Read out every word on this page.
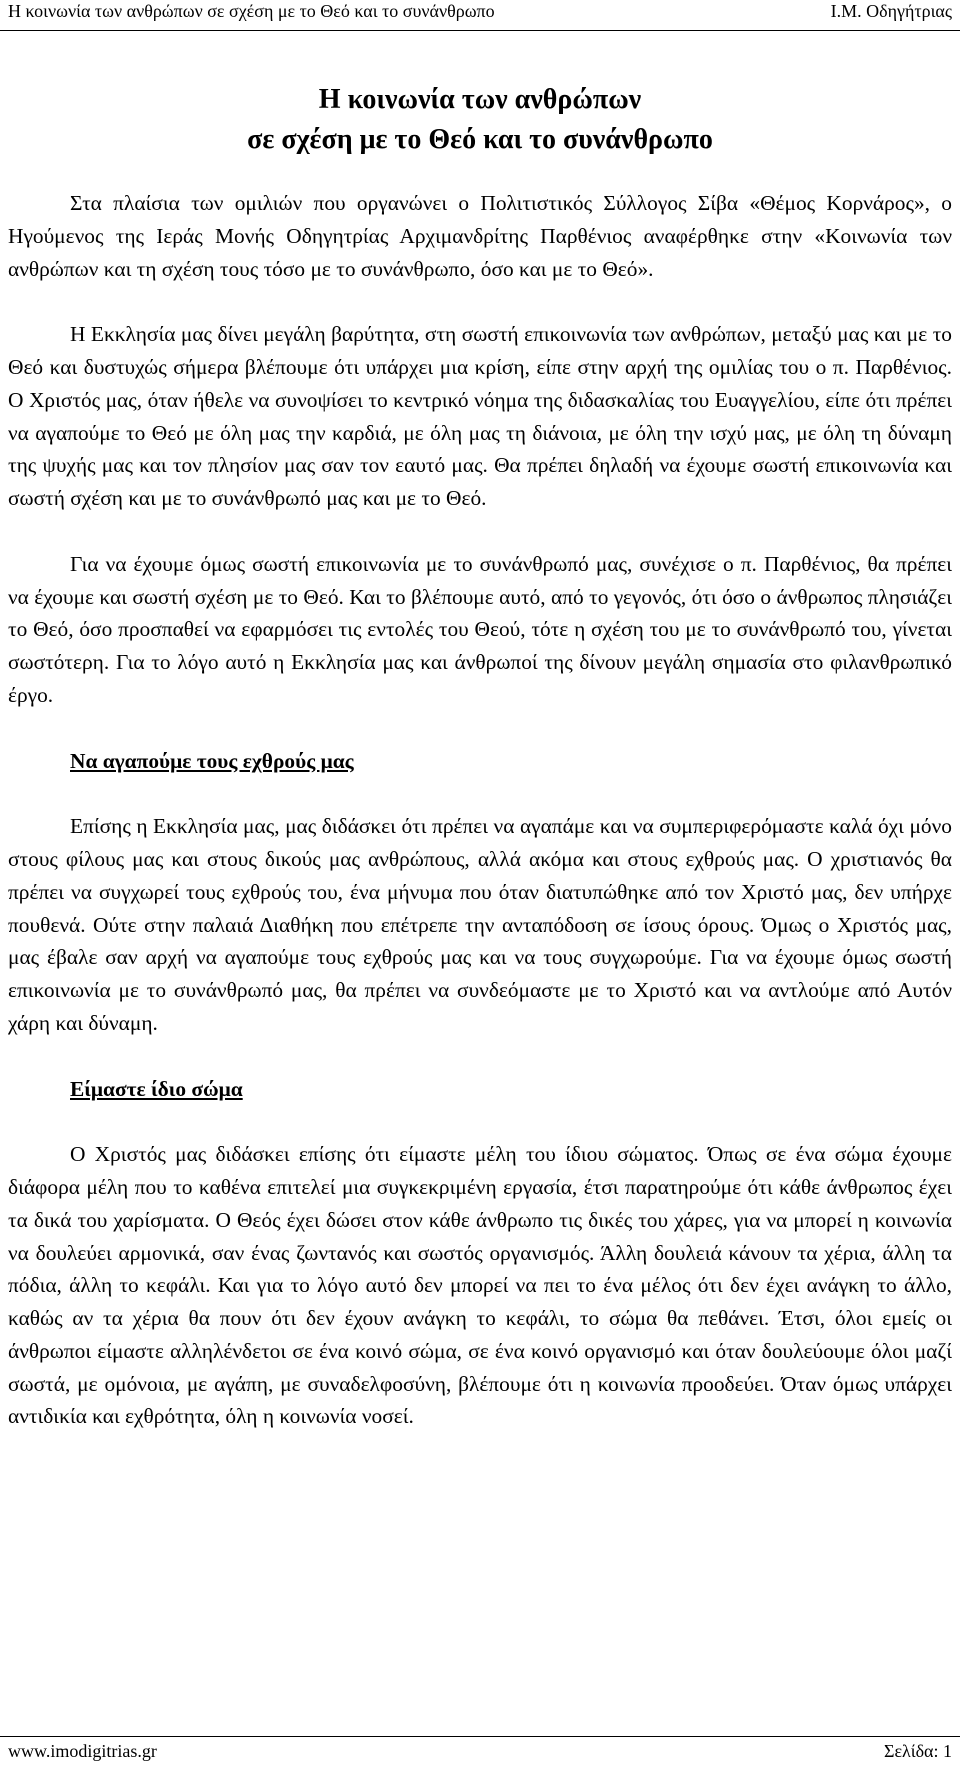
Η κοινωνία των ανθρώπων σε σχέση με το Θεό και το συνάνθρωπο	Ι.Μ. Οδηγήτριας
Η κοινωνία των ανθρώπων
σε σχέση με το Θεό και το συνάνθρωπο

Στα πλαίσια των ομιλιών που οργανώνει ο Πολιτιστικός Σύλλογος Σίβα «Θέμος Κορνάρος», ο Ηγούμενος της Ιεράς Μονής Οδηγητρίας Αρχιμανδρίτης Παρθένιος αναφέρθηκε στην «Κοινωνία των ανθρώπων και τη σχέση τους τόσο με το συνάνθρωπο, όσο και με το Θεό».

Η Εκκλησία μας δίνει μεγάλη βαρύτητα, στη σωστή επικοινωνία των ανθρώπων, μεταξύ μας και με το Θεό και δυστυχώς σήμερα βλέπουμε ότι υπάρχει μια κρίση, είπε στην αρχή της ομιλίας του ο π. Παρθένιος. Ο Χριστός μας, όταν ήθελε να συνοψίσει το κεντρικό νόημα της διδασκαλίας του Ευαγγελίου, είπε ότι πρέπει να αγαπούμε το Θεό με όλη μας την καρδιά, με όλη μας τη διάνοια, με όλη την ισχύ μας, με όλη τη δύναμη της ψυχής μας και τον πλησίον μας σαν τον εαυτό μας. Θα πρέπει δηλαδή να έχουμε σωστή επικοινωνία και σωστή σχέση και με το συνάνθρωπό μας και με το Θεό.

Για να έχουμε όμως σωστή επικοινωνία με το συνάνθρωπό μας, συνέχισε ο π. Παρθένιος, θα πρέπει να έχουμε και σωστή σχέση με το Θεό. Και το βλέπουμε αυτό, από το γεγονός, ότι όσο ο άνθρωπος πλησιάζει το Θεό, όσο προσπαθεί να εφαρμόσει τις εντολές του Θεού, τότε η σχέση του με το συνάνθρωπό του, γίνεται σωστότερη. Για το λόγο αυτό η Εκκλησία μας και άνθρωποί της δίνουν μεγάλη σημασία στο φιλανθρωπικό έργο.

Να αγαπούμε τους εχθρούς μας

Επίσης η Εκκλησία μας, μας διδάσκει ότι πρέπει να αγαπάμε και να συμπεριφερόμαστε καλά όχι μόνο στους φίλους μας και στους δικούς μας ανθρώπους, αλλά ακόμα και στους εχθρούς μας. Ο χριστιανός θα πρέπει να συγχωρεί τους εχθρούς του, ένα μήνυμα που όταν διατυπώθηκε από τον Χριστό μας, δεν υπήρχε πουθενά. Ούτε στην παλαιά Διαθήκη που επέτρεπε την ανταπόδοση σε ίσους όρους. Όμως ο Χριστός μας, μας έβαλε σαν αρχή να αγαπούμε τους εχθρούς μας και να τους συγχωρούμε. Για να έχουμε όμως σωστή επικοινωνία με το συνάνθρωπό μας, θα πρέπει να συνδεόμαστε με το Χριστό και να αντλούμε από Αυτόν χάρη και δύναμη.

Είμαστε ίδιο σώμα

Ο Χριστός μας διδάσκει επίσης ότι είμαστε μέλη του ίδιου σώματος. Όπως σε ένα σώμα έχουμε διάφορα μέλη που το καθένα επιτελεί μια συγκεκριμένη εργασία, έτσι παρατηρούμε ότι κάθε άνθρωπος έχει τα δικά του χαρίσματα. Ο Θεός έχει δώσει στον κάθε άνθρωπο τις δικές του χάρες, για να μπορεί η κοινωνία να δουλεύει αρμονικά, σαν ένας ζωντανός και σωστός οργανισμός. Άλλη δουλειά κάνουν τα χέρια, άλλη τα πόδια, άλλη το κεφάλι. Και για το λόγο αυτό δεν μπορεί να πει το ένα μέλος ότι δεν έχει ανάγκη το άλλο, καθώς αν τα χέρια θα πουν ότι δεν έχουν ανάγκη το κεφάλι, το σώμα θα πεθάνει. Έτσι, όλοι εμείς οι άνθρωποι είμαστε αλληλένδετοι σε ένα κοινό σώμα, σε ένα κοινό οργανισμό και όταν δουλεύουμε όλοι μαζί σωστά, με ομόνοια, με αγάπη, με συναδελφοσύνη, βλέπουμε ότι η κοινωνία προοδεύει. Όταν όμως υπάρχει αντιδικία και εχθρότητα, όλη η κοινωνία νοσεί.

www.imodigitrias.gr	Σελίδα: 1
